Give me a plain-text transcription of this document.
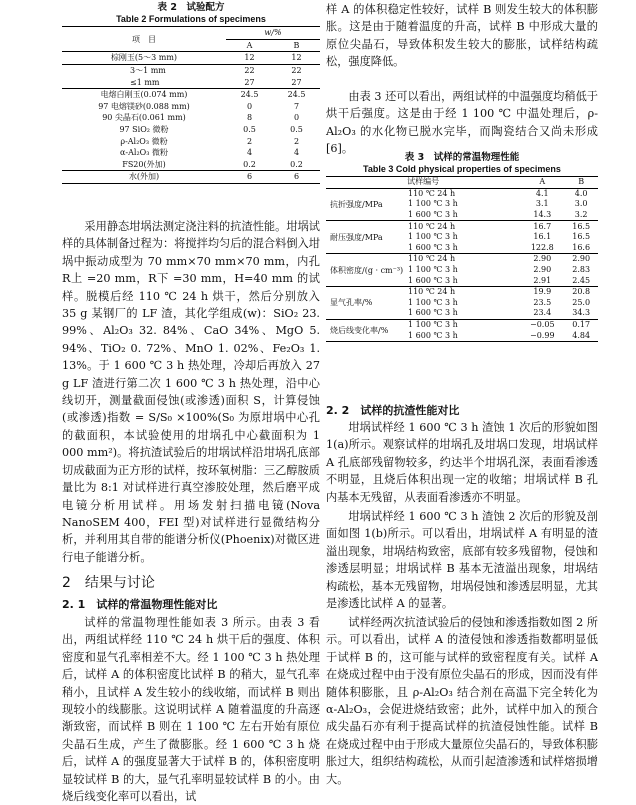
表 2　试验配方
Table 2 Formulations of specimens
项　目	w/%	
	A	B
棕刚玉(5～3 mm)	12	12
3～1 mm	22	22
≤1 mm	27	27
电熔白刚玉(0.074 mm)	24.5	24.5
97 电熔镁砂(0.088 mm)	0	7
90 尖晶石(0.061 mm)	8	0
97 SiO₂ 微粉	0.5	0.5
ρ-Al₂O₃ 微粉	2	2
α-Al₂O₃ 微粉	4	4
FS20(外加)	0.2	0.2
水(外加)	6	6

采用静态坩埚法测定浇注料的抗渣性能。坩埚试样的具体制备过程为：将搅拌均匀后的混合料倒入坩埚中振动成型为 70 mm×70 mm×70 mm，内孔 R上 =20 mm，R下 =30 mm，H=40 mm 的试样。脱模后经 110 ℃ 24 h 烘干，然后分别放入 35 g 某钢厂的 LF 渣，其化学组成(w)：SiO₂ 23. 99%、Al₂O₃ 32. 84%、CaO 34%、MgO 5. 94%、TiO₂ 0. 72%、MnO 1. 02%、Fe₂O₃ 1. 13%。于 1 600 ℃ 3 h 热处理，冷却后再放入 27 g LF 渣进行第二次 1 600 ℃ 3 h 热处理，沿中心线切开，测量截面侵蚀(或渗透)面积 S，计算侵蚀(或渗透)指数 = S/S₀ ×100%(S₀ 为原坩埚中心孔的截面积，本试验使用的坩埚孔中心截面积为 1 000 mm²)。将抗渣试验后的坩埚试样沿坩埚孔底部切成截面为正方形的试样，按环氧树脂：三乙醇胺质量比为 8:1 对试样进行真空渗胶处理，然后磨平成电镜分析用试样。用场发射扫描电镜(Nova NanoSEM 400，FEI 型)对试样进行显微结构分析，并利用其自带的能谱分析仪(Phoenix)对微区进行电子能谱分析。

2　结果与讨论

2. 1　试样的常温物理性能对比

试样的常温物理性能如表 3 所示。由表 3 看出，两组试样经 110 ℃ 24 h 烘干后的强度、体积密度和显气孔率相差不大。经 1 100 ℃ 3 h 热处理后，试样 A 的体积密度比试样 B 的稍大，显气孔率稍小，且试样 A 发生较小的线收缩，而试样 B 则出现较小的线膨胀。这说明试样 A 随着温度的升高逐渐致密，而试样 B 则在 1 100 ℃ 左右开始有原位尖晶石生成，产生了微膨胀。经 1 600 ℃ 3 h 烧后，试样 A 的强度显著大于试样 B 的，体积密度明显较试样 B 的大，显气孔率明显较试样 B 的小。由烧后线变化率可以看出，试

样 A 的体积稳定性较好，试样 B 则发生较大的体积膨胀。这是由于随着温度的升高，试样 B 中形成大量的原位尖晶石，导致体积发生较大的膨胀，试样结构疏松，强度降低。

由表 3 还可以看出，两组试样的中温强度均稍低于烘干后强度。这是由于经 1 100 ℃ 中温处理后，ρ-Al₂O₃ 的水化物已脱水完毕，而陶瓷结合又尚未形成[6]。

表 3　试样的常温物理性能
Table 3 Cold physical properties of specimens
试样编号		A	B
抗折强度/MPa	110 ℃ 24 h	4.1	4.0
	1 100 ℃ 3 h	3.1	3.0
	1 600 ℃ 3 h	14.3	3.2
耐压强度/MPa	110 ℃ 24 h	16.7	16.5
	1 100 ℃ 3 h	16.1	16.5
	1 600 ℃ 3 h	122.8	16.6
体积密度/(g · cm⁻³)	110 ℃ 24 h	2.90	2.90
	1 100 ℃ 3 h	2.90	2.83
	1 600 ℃ 3 h	2.91	2.45
显气孔率/%	110 ℃ 24 h	19.9	20.8
	1 100 ℃ 3 h	23.5	25.0
	1 600 ℃ 3 h	23.4	34.3
烧后线变化率/%	1 100 ℃ 3 h	−0.05	0.17
	1 600 ℃ 3 h	−0.99	4.84

2. 2　试样的抗渣性能对比

坩埚试样经 1 600 ℃ 3 h 渣蚀 1 次后的形貌如图 1(a)所示。观察试样的坩埚孔及坩埚口发现，坩埚试样 A 孔底部残留物较多，约达半个坩埚孔深，表面看渗透不明显，且烧后体积出现一定的收缩；坩埚试样 B 孔内基本无残留，从表面看渗透亦不明显。

坩埚试样经 1 600 ℃ 3 h 渣蚀 2 次后的形貌及剖面如图 1(b)所示。可以看出，坩埚试样 A 有明显的渣溢出现象，坩埚结构致密，底部有较多残留物，侵蚀和渗透层明显；坩埚试样 B 基本无渣溢出现象，坩埚结构疏松，基本无残留物，坩埚侵蚀和渗透层明显，尤其是渗透比试样 A 的显著。

试样经两次抗渣试验后的侵蚀和渗透指数如图 2 所示。可以看出，试样 A 的渣侵蚀和渗透指数都明显低于试样 B 的，这可能与试样的致密程度有关。试样 A 在烧成过程中由于没有原位尖晶石的形成，因而没有伴随体积膨胀，且 ρ-Al₂O₃ 结合剂在高温下完全转化为 α-Al₂O₃，会促进烧结致密；此外，试样中加入的预合成尖晶石亦有利于提高试样的抗渣侵蚀性能。试样 B 在烧成过程中由于形成大量原位尖晶石的，导致体积膨胀过大，组织结构疏松，从而引起渣渗透和试样熔损增大。
